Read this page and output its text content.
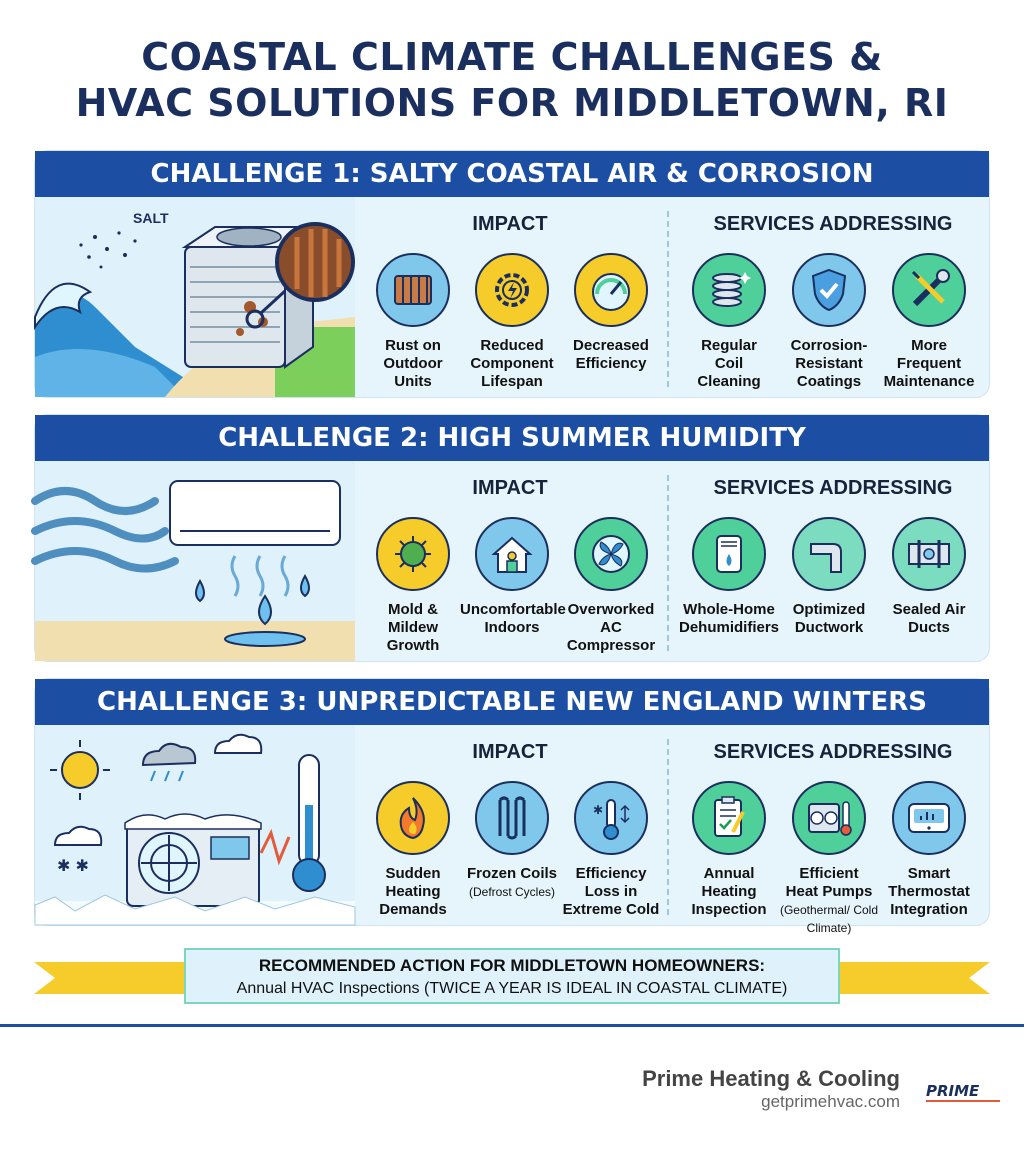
COASTAL CLIMATE CHALLENGES &
HVAC SOLUTIONS FOR MIDDLETOWN, RI
CHALLENGE 1: SALTY COASTAL AIR & CORROSION
SALT	IMPACT	SERVICES ADDRESSING
Rust on
Outdoor
Units
Reduced
Component
Lifespan
Decreased
Efficiency
Regular
Coil
Cleaning
Corrosion-
Resistant
Coatings
More
Frequent
Maintenance
CHALLENGE 2: HIGH SUMMER HUMIDITY
IMPACT	SERVICES ADDRESSING
Mold &
Mildew
Growth
Uncomfortable
Indoors
Overworked
AC
Compressor
Whole-Home
Dehumidifiers
Optimized
Ductwork
Sealed Air
Ducts
CHALLENGE 3: UNPREDICTABLE NEW ENGLAND WINTERS
✱ ✱
IMPACT	SERVICES ADDRESSING
Sudden
Heating
Demands
Frozen Coils
(Defrost Cycles)
✱
Efficiency
Loss in
Extreme Cold
Annual
Heating
Inspection
Efficient
Heat Pumps
(Geothermal/ Cold Climate)
Smart
Thermostat
Integration
RECOMMENDED ACTION FOR MIDDLETOWN HOMEOWNERS:
Annual HVAC Inspections (TWICE A YEAR IS IDEAL IN COASTAL CLIMATE)
Prime Heating & Cooling
getprimehvac.com
PRIME
